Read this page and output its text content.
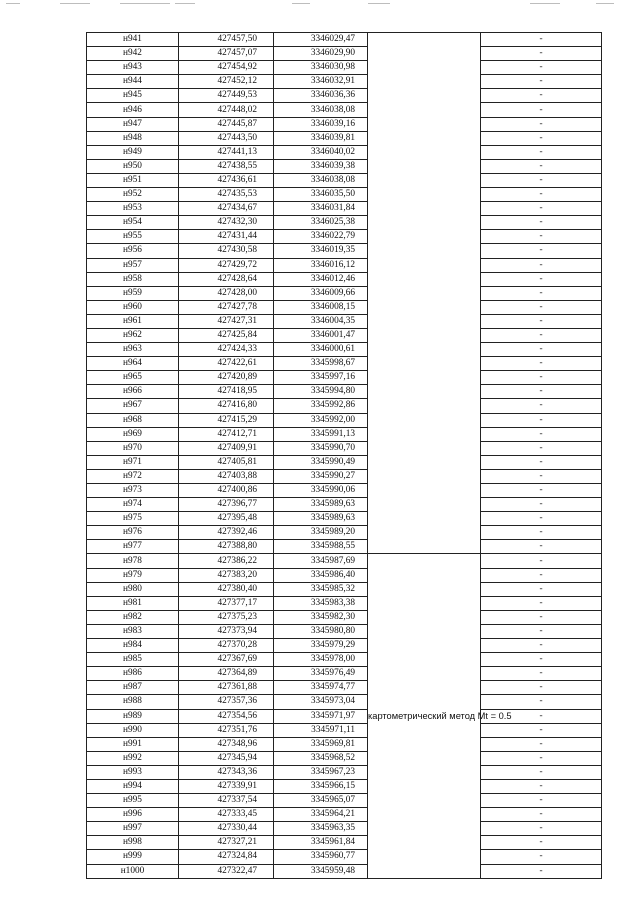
н941	427457,50	3346029,47		-
н942	427457,07	3346029,90		-
н943	427454,92	3346030,98		-
н944	427452,12	3346032,91		-
н945	427449,53	3346036,36		-
н946	427448,02	3346038,08		-
н947	427445,87	3346039,16		-
н948	427443,50	3346039,81		-
н949	427441,13	3346040,02		-
н950	427438,55	3346039,38		-
н951	427436,61	3346038,08		-
н952	427435,53	3346035,50		-
н953	427434,67	3346031,84		-
н954	427432,30	3346025,38		-
н955	427431,44	3346022,79		-
н956	427430,58	3346019,35		-
н957	427429,72	3346016,12		-
н958	427428,64	3346012,46		-
н959	427428,00	3346009,66		-
н960	427427,78	3346008,15		-
н961	427427,31	3346004,35		-
н962	427425,84	3346001,47		-
н963	427424,33	3346000,61		-
н964	427422,61	3345998,67		-
н965	427420,89	3345997,16		-
н966	427418,95	3345994,80		-
н967	427416,80	3345992,86		-
н968	427415,29	3345992,00		-
н969	427412,71	3345991,13		-
н970	427409,91	3345990,70		-
н971	427405,81	3345990,49		-
н972	427403,88	3345990,27		-
н973	427400,86	3345990,06		-
н974	427396,77	3345989,63		-
н975	427395,48	3345989,63		-
н976	427392,46	3345989,20		-
н977	427388,80	3345988,55		-
н978	427386,22	3345987,69	картометрический метод Mt = 0.5	-
н979	427383,20	3345986,40		-
н980	427380,40	3345985,32		-
н981	427377,17	3345983,38		-
н982	427375,23	3345982,30		-
н983	427373,94	3345980,80		-
н984	427370,28	3345979,29		-
н985	427367,69	3345978,00		-
н986	427364,89	3345976,49		-
н987	427361,88	3345974,77		-
н988	427357,36	3345973,04		-
н989	427354,56	3345971,97		-
н990	427351,76	3345971,11		-
н991	427348,96	3345969,81		-
н992	427345,94	3345968,52		-
н993	427343,36	3345967,23		-
н994	427339,91	3345966,15		-
н995	427337,54	3345965,07		-
н996	427333,45	3345964,21		-
н997	427330,44	3345963,35		-
н998	427327,21	3345961,84		-
н999	427324,84	3345960,77		-
н1000	427322,47	3345959,48		-
